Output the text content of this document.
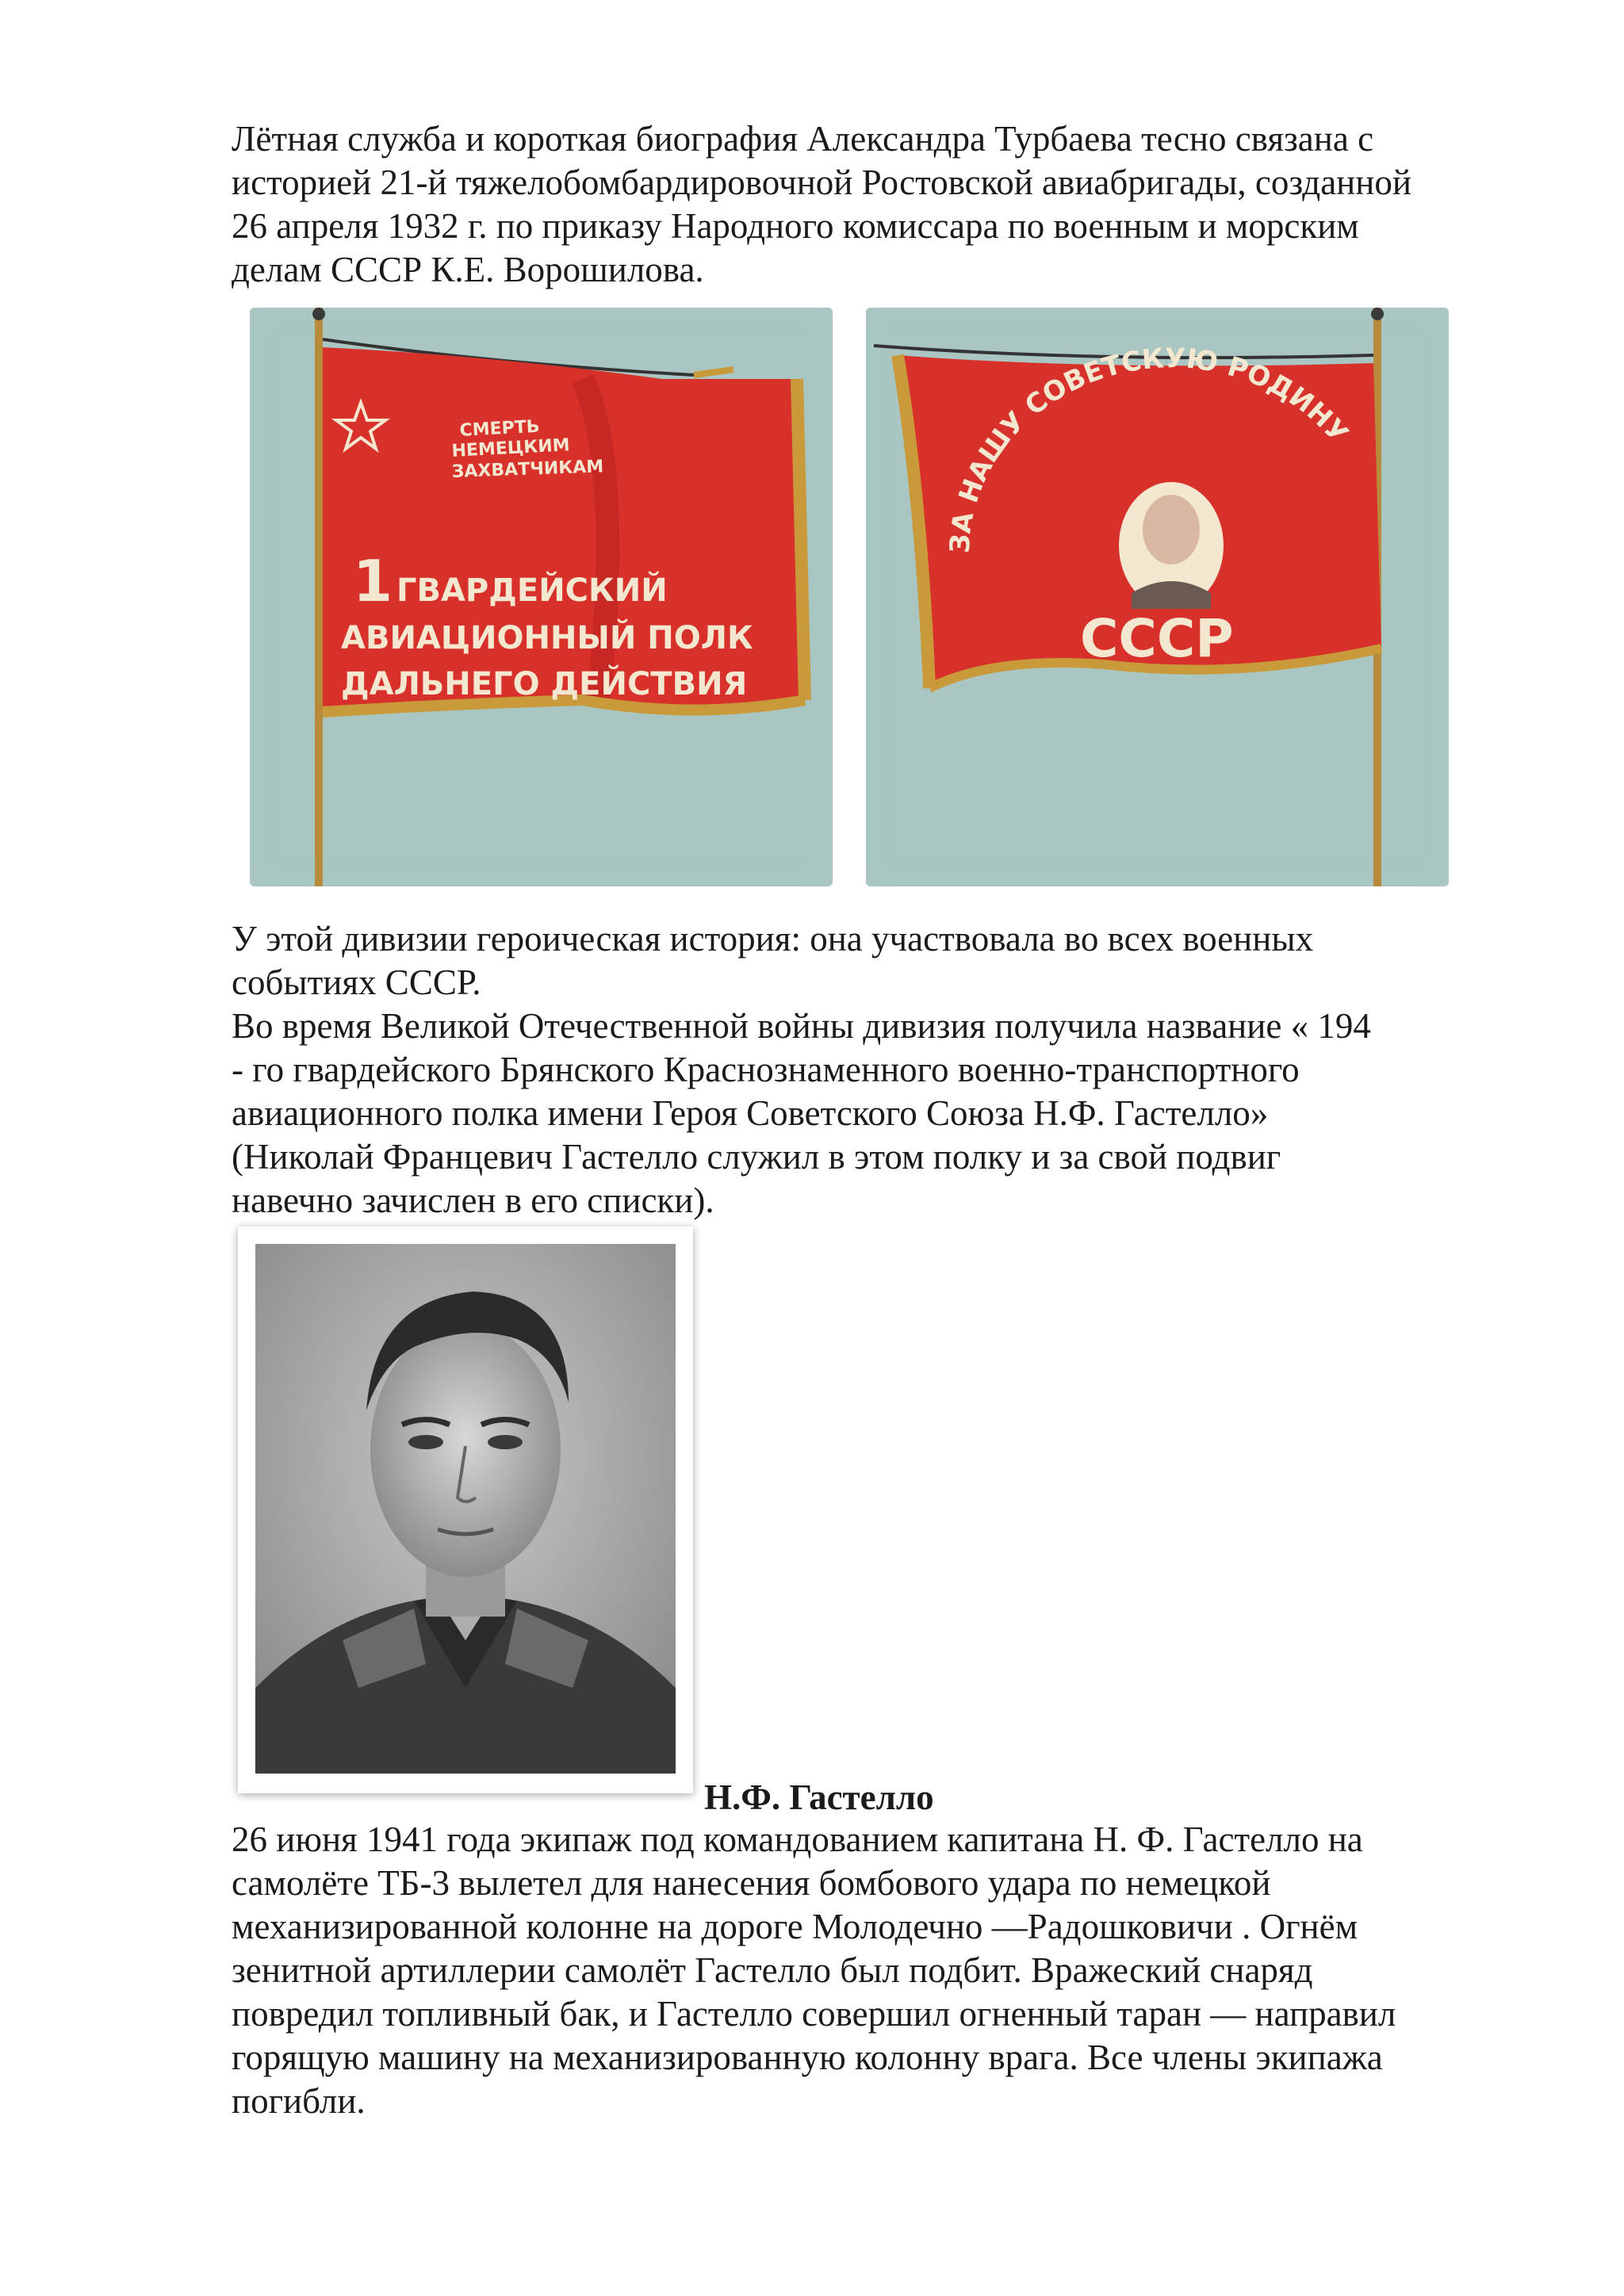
Лётная служба и короткая биография Александра Турбаева тесно связана с
историей 21-й тяжелобомбардировочной Ростовской авиабригады, созданной
26 апреля 1932 г. по приказу Народного комиссара по военным и морским
делам СССР К.Е. Ворошилова.

СМЕРТЬ
НЕМЕЦКИМ
ЗАХВАТЧИКАМ
1 ГВАРДЕЙСКИЙ
АВИАЦИОННЫЙ ПОЛК
ДАЛЬНЕГО ДЕЙСТВИЯ
ЗА НАШУ СОВЕТСКУЮ РОДИНУ
СССР

У этой дивизии героическая история: она участвовала во всех военных
событиях СССР.

Во время Великой Отечественной войны дивизия получила название « 194
- го гвардейского Брянского Краснознаменного военно-транспортного
авиационного полка имени Героя Советского Союза Н.Ф. Гастелло»
(Николай Францевич Гастелло служил в этом полку и за свой подвиг
навечно зачислен в его списки).

Н.Ф. Гастелло

26 июня 1941 года экипаж под командованием капитана Н. Ф. Гастелло на
самолёте ТБ-3 вылетел для нанесения бомбового удара по немецкой
механизированной колонне на дороге Молодечно —Радошковичи . Огнём
зенитной артиллерии самолёт Гастелло был подбит. Вражеский снаряд
повредил топливный бак, и Гастелло совершил огненный таран — направил
горящую машину на механизированную колонну врага. Все члены экипажа
погибли.
